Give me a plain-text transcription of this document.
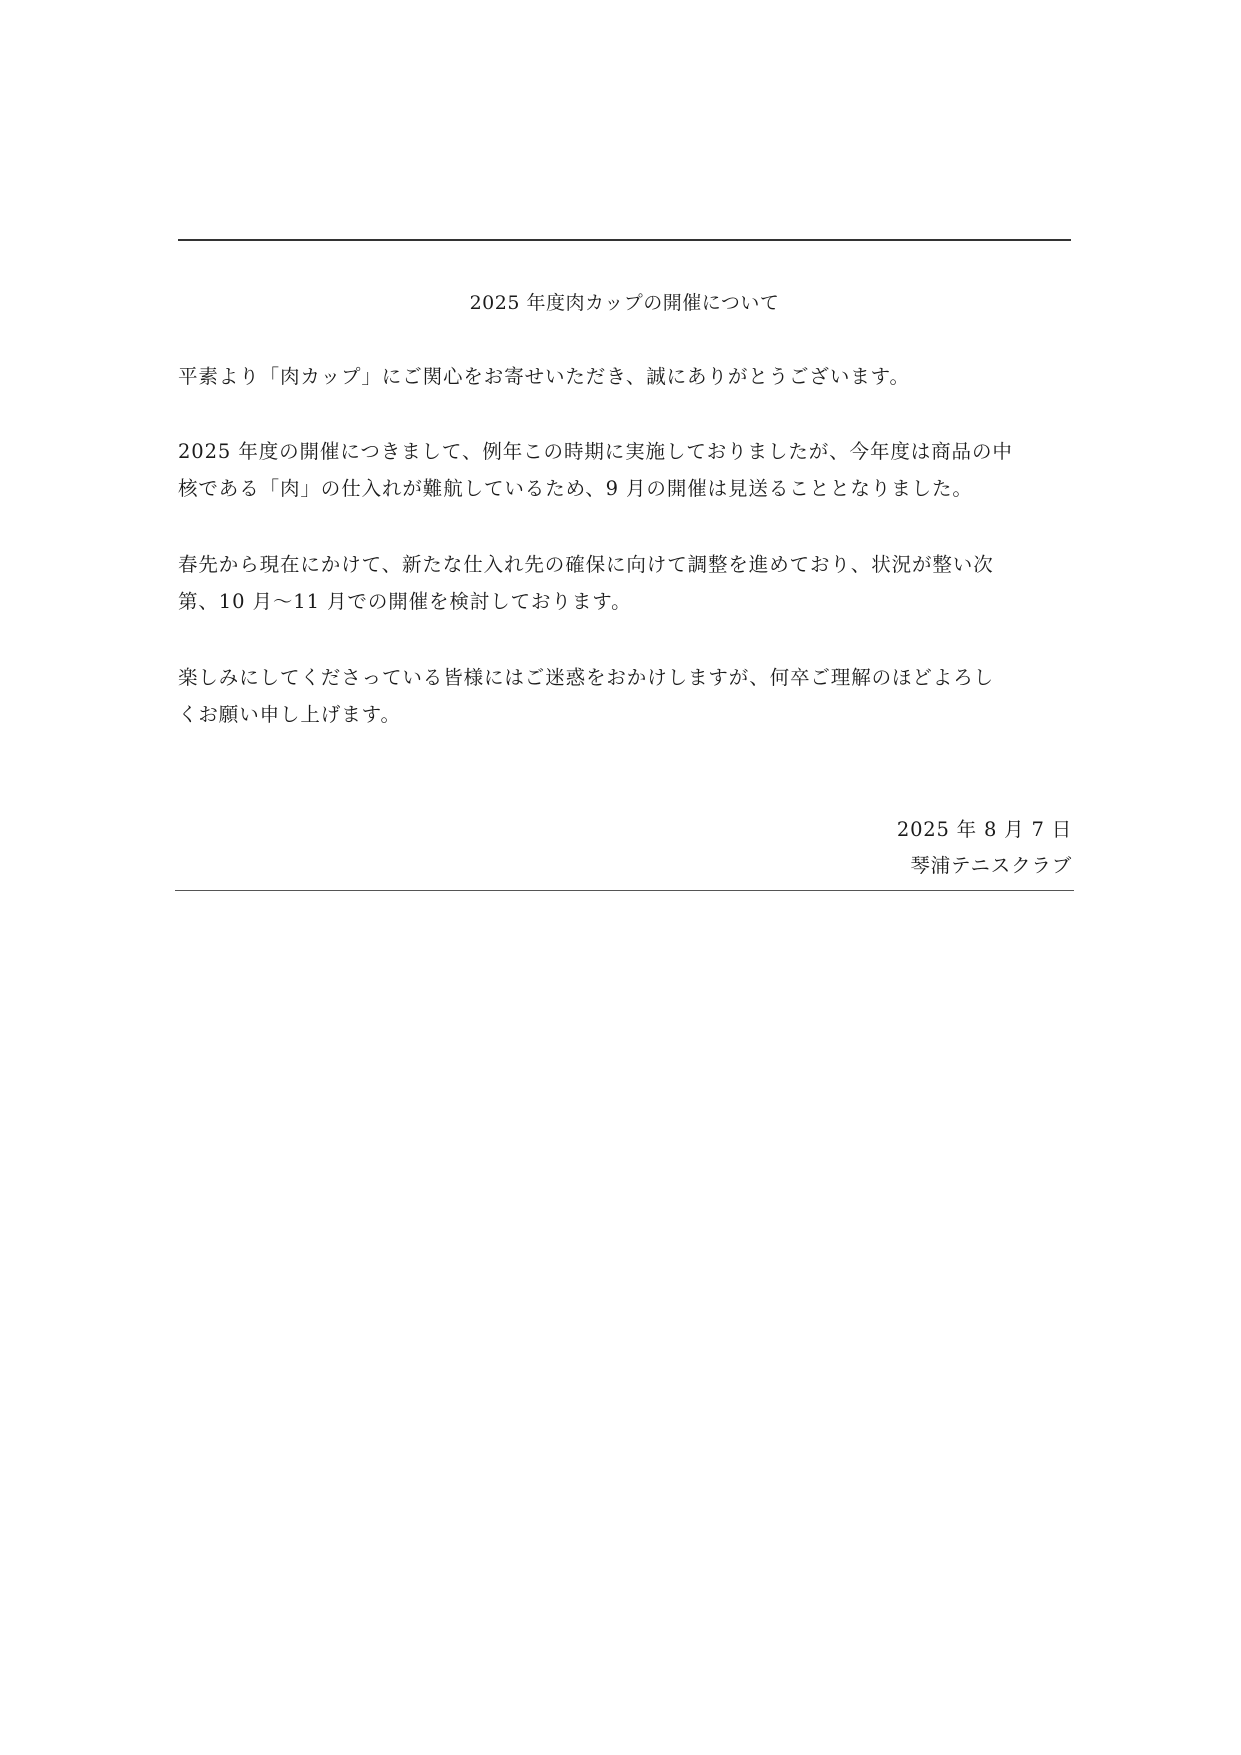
2025 年度肉カップの開催について

平素より「肉カップ」にご関心をお寄せいただき、誠にありがとうございます。

2025 年度の開催につきまして、例年この時期に実施しておりましたが、今年度は商品の中
核である「肉」の仕入れが難航しているため、9 月の開催は見送ることとなりました。

春先から現在にかけて、新たな仕入れ先の確保に向けて調整を進めており、状況が整い次
第、10 月〜11 月での開催を検討しております。

楽しみにしてくださっている皆様にはご迷惑をおかけしますが、何卒ご理解のほどよろし
くお願い申し上げます。

2025 年 8 月 7 日
琴浦テニスクラブ
